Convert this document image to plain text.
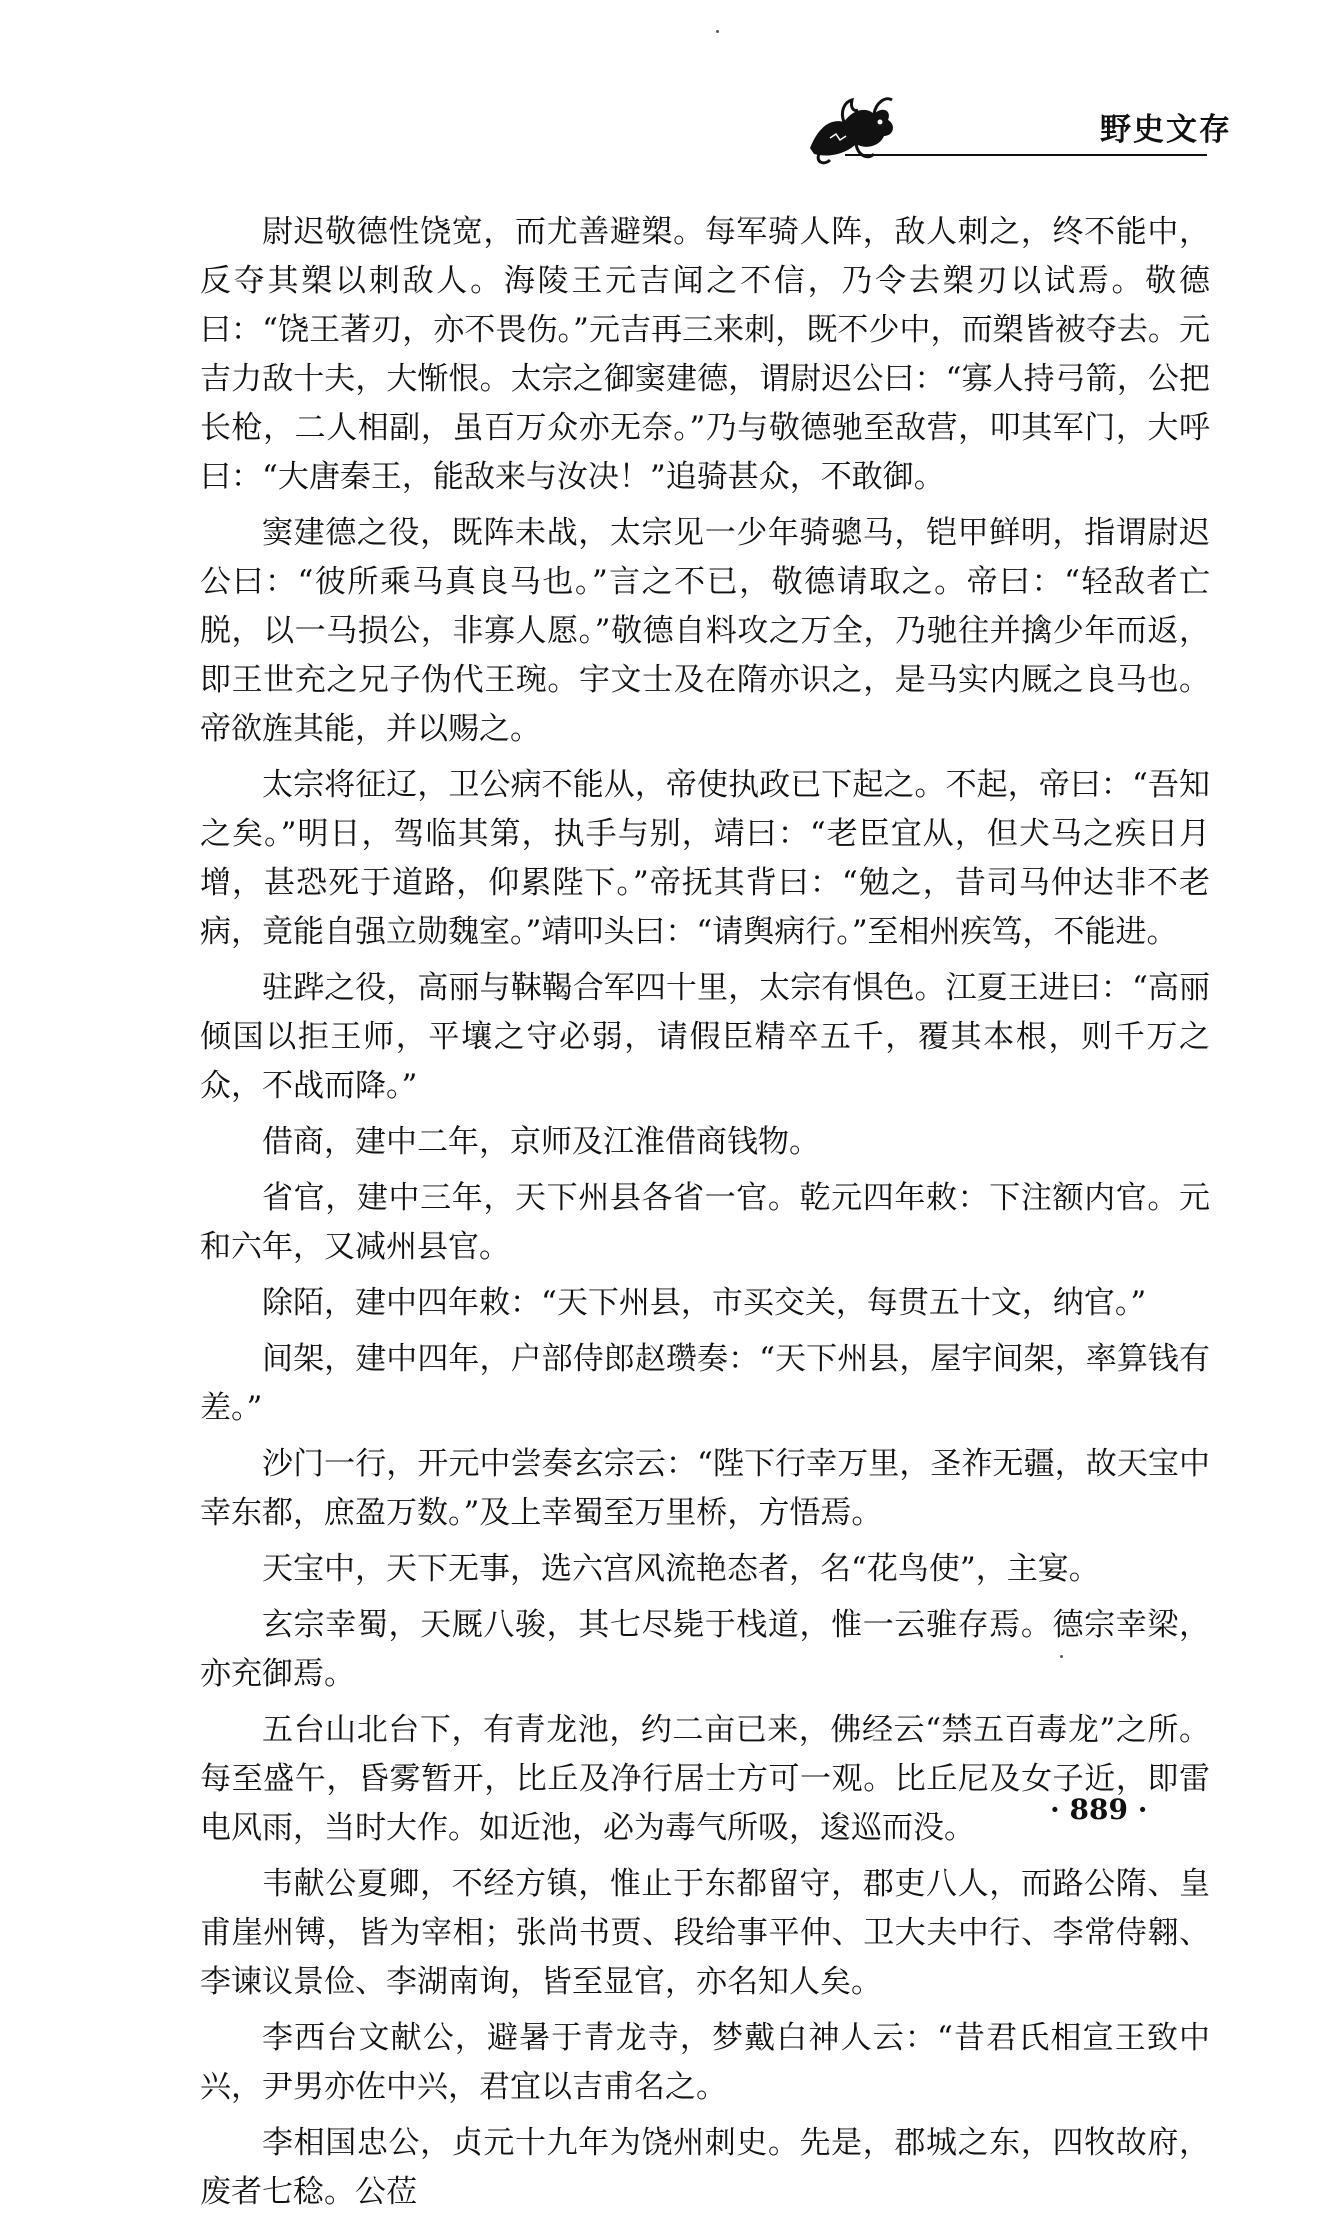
野史文存

尉迟敬德性饶宽，而尤善避槊。每军骑人阵，敌人刺之，终不能中，反夺其槊以刺敌人。海陵王元吉闻之不信，乃令去槊刃以试焉。敬德曰：“饶王著刃，亦不畏伤。”元吉再三来刺，既不少中，而槊皆被夺去。元吉力敌十夫，大惭恨。太宗之御窦建德，谓尉迟公曰：“寡人持弓箭，公把长枪，二人相副，虽百万众亦无奈。”乃与敬德驰至敌营，叩其军门，大呼曰：“大唐秦王，能敌来与汝决！”追骑甚众，不敢御。

窦建德之役，既阵未战，太宗见一少年骑骢马，铠甲鲜明，指谓尉迟公曰：“彼所乘马真良马也。”言之不已，敬德请取之。帝曰：“轻敌者亡脱，以一马损公，非寡人愿。”敬德自料攻之万全，乃驰往并擒少年而返，即王世充之兄子伪代王琬。宇文士及在隋亦识之，是马实内厩之良马也。帝欲旌其能，并以赐之。

太宗将征辽，卫公病不能从，帝使执政已下起之。不起，帝曰：“吾知之矣。”明日，驾临其第，执手与别，靖曰：“老臣宜从，但犬马之疾日月增，甚恐死于道路，仰累陛下。”帝抚其背曰：“勉之，昔司马仲达非不老病，竟能自强立勋魏室。”靖叩头曰：“请舆病行。”至相州疾笃，不能进。

驻跸之役，高丽与靺鞨合军四十里，太宗有惧色。江夏王进曰：“高丽倾国以拒王师，平壤之守必弱，请假臣精卒五千，覆其本根，则千万之众，不战而降。”

借商，建中二年，京师及江淮借商钱物。

省官，建中三年，天下州县各省一官。乾元四年敕：下注额内官。元和六年，又减州县官。

除陌，建中四年敕：“天下州县，市买交关，每贯五十文，纳官。”

间架，建中四年，户部侍郎赵瓒奏：“天下州县，屋宇间架，率算钱有差。”

沙门一行，开元中尝奏玄宗云：“陛下行幸万里，圣祚无疆，故天宝中幸东都，庶盈万数。”及上幸蜀至万里桥，方悟焉。

天宝中，天下无事，选六宫风流艳态者，名“花鸟使”，主宴。

玄宗幸蜀，天厩八骏，其七尽毙于栈道，惟一云骓存焉。德宗幸梁，亦充御焉。

五台山北台下，有青龙池，约二亩已来，佛经云“禁五百毒龙”之所。每至盛午，昏雾暂开，比丘及净行居士方可一观。比丘尼及女子近，即雷电风雨，当时大作。如近池，必为毒气所吸，逡巡而没。

韦献公夏卿，不经方镇，惟止于东都留守，郡吏八人，而路公隋、皇甫崖州镈，皆为宰相；张尚书贾、段给事平仲、卫大夫中行、李常侍翱、李谏议景俭、李湖南询，皆至显官，亦名知人矣。

李西台文献公，避暑于青龙寺，梦戴白神人云：“昔君氏相宣王致中兴，尹男亦佐中兴，君宜以吉甫名之。

李相国忠公，贞元十九年为饶州刺史。先是，郡城之东，四牧故府，废者七稔。公莅

· 889 ·
